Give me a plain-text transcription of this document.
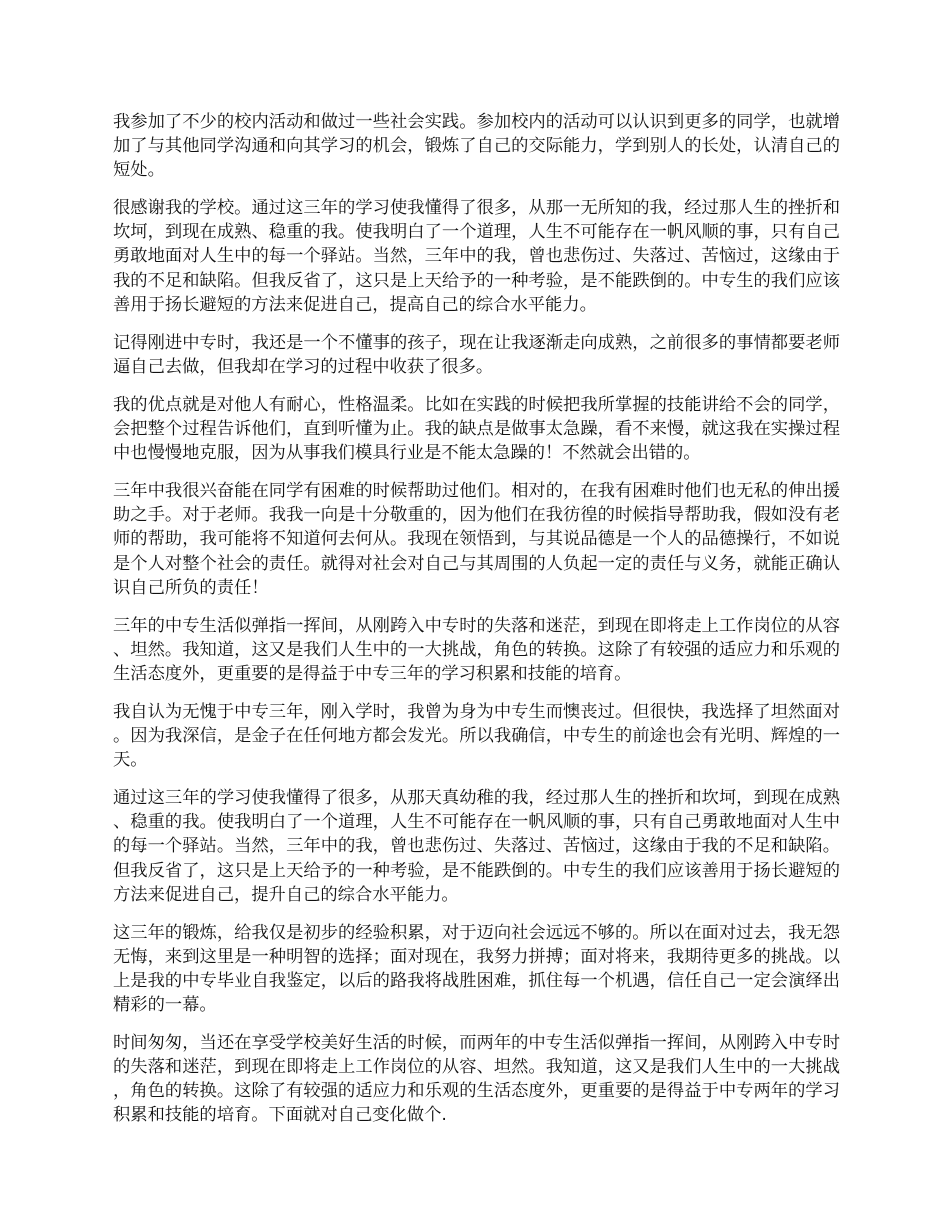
我参加了不少的校内活动和做过一些社会实践。参加校内的活动可以认识到更多的同学，也就增加了与其他同学沟通和向其学习的机会，锻炼了自己的交际能力，学到别人的长处，认清自己的短处。

很感谢我的学校。通过这三年的学习使我懂得了很多，从那一无所知的我，经过那人生的挫折和坎坷，到现在成熟、稳重的我。使我明白了一个道理，人生不可能存在一帆风顺的事，只有自己勇敢地面对人生中的每一个驿站。当然，三年中的我，曾也悲伤过、失落过、苦恼过，这缘由于我的不足和缺陷。但我反省了，这只是上天给予的一种考验，是不能跌倒的。中专生的我们应该善用于扬长避短的方法来促进自己，提高自己的综合水平能力。

记得刚进中专时，我还是一个不懂事的孩子，现在让我逐渐走向成熟，之前很多的事情都要老师逼自己去做，但我却在学习的过程中收获了很多。

我的优点就是对他人有耐心，性格温柔。比如在实践的时候把我所掌握的技能讲给不会的同学，会把整个过程告诉他们，直到听懂为止。我的缺点是做事太急躁，看不来慢，就这我在实操过程中也慢慢地克服，因为从事我们模具行业是不能太急躁的！不然就会出错的。

三年中我很兴奋能在同学有困难的时候帮助过他们。相对的，在我有困难时他们也无私的伸出援助之手。对于老师。我我一向是十分敬重的，因为他们在我彷徨的时候指导帮助我，假如没有老师的帮助，我可能将不知道何去何从。我现在领悟到，与其说品德是一个人的品德操行，不如说是个人对整个社会的责任。就得对社会对自己与其周围的人负起一定的责任与义务，就能正确认识自己所负的责任！

三年的中专生活似弹指一挥间，从刚跨入中专时的失落和迷茫，到现在即将走上工作岗位的从容、坦然。我知道，这又是我们人生中的一大挑战，角色的转换。这除了有较强的适应力和乐观的生活态度外，更重要的是得益于中专三年的学习积累和技能的培育。

我自认为无愧于中专三年，刚入学时，我曾为身为中专生而懊丧过。但很快，我选择了坦然面对。因为我深信，是金子在任何地方都会发光。所以我确信，中专生的前途也会有光明、辉煌的一天。

通过这三年的学习使我懂得了很多，从那天真幼稚的我，经过那人生的挫折和坎坷，到现在成熟、稳重的我。使我明白了一个道理，人生不可能存在一帆风顺的事，只有自己勇敢地面对人生中的每一个驿站。当然，三年中的我，曾也悲伤过、失落过、苦恼过，这缘由于我的不足和缺陷。但我反省了，这只是上天给予的一种考验，是不能跌倒的。中专生的我们应该善用于扬长避短的方法来促进自己，提升自己的综合水平能力。

这三年的锻炼，给我仅是初步的经验积累，对于迈向社会远远不够的。所以在面对过去，我无怨无悔，来到这里是一种明智的选择；面对现在，我努力拼搏；面对将来，我期待更多的挑战。以上是我的中专毕业自我鉴定，以后的路我将战胜困难，抓住每一个机遇，信任自己一定会演绎出精彩的一幕。

时间匆匆，当还在享受学校美好生活的时候，而两年的中专生活似弹指一挥间，从刚跨入中专时的失落和迷茫，到现在即将走上工作岗位的从容、坦然。我知道，这又是我们人生中的一大挑战，角色的转换。这除了有较强的适应力和乐观的生活态度外，更重要的是得益于中专两年的学习积累和技能的培育。下面就对自己变化做个.
